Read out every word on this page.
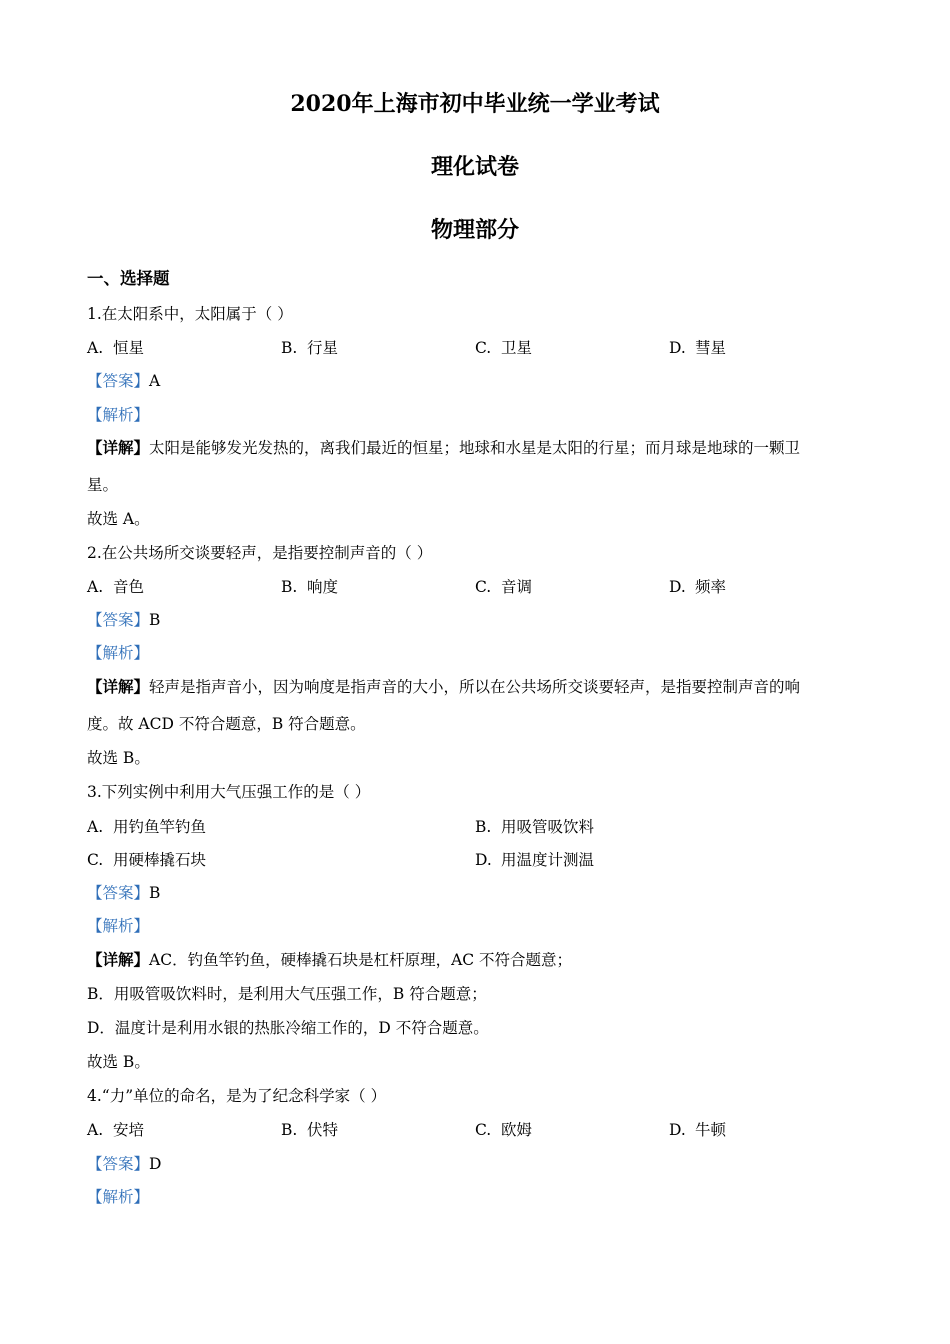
2020年上海市初中毕业统一学业考试
理化试卷
物理部分
一、选择题
1.在太阳系中，太阳属于（ ）
A. 恒星	B. 行星	C. 卫星	D. 彗星
【答案】A
【解析】
【详解】太阳是能够发光发热的，离我们最近的恒星；地球和水星是太阳的行星；而月球是地球的一颗卫
星。
故选 A。
2.在公共场所交谈要轻声，是指要控制声音的（ ）
A. 音色	B. 响度	C. 音调	D. 频率
【答案】B
【解析】
【详解】轻声是指声音小，因为响度是指声音的大小，所以在公共场所交谈要轻声，是指要控制声音的响
度。故 ACD 不符合题意，B 符合题意。
故选 B。
3.下列实例中利用大气压强工作的是（ ）
A. 用钓鱼竿钓鱼	B. 用吸管吸饮料
C. 用硬棒撬石块	D. 用温度计测温
【答案】B
【解析】
【详解】AC．钓鱼竿钓鱼，硬棒撬石块是杠杆原理，AC 不符合题意；
B．用吸管吸饮料时，是利用大气压强工作，B 符合题意；
D．温度计是利用水银的热胀冷缩工作的，D 不符合题意。
故选 B。
4.“力”单位的命名，是为了纪念科学家（ ）
A. 安培	B. 伏特	C. 欧姆	D. 牛顿
【答案】D
【解析】
